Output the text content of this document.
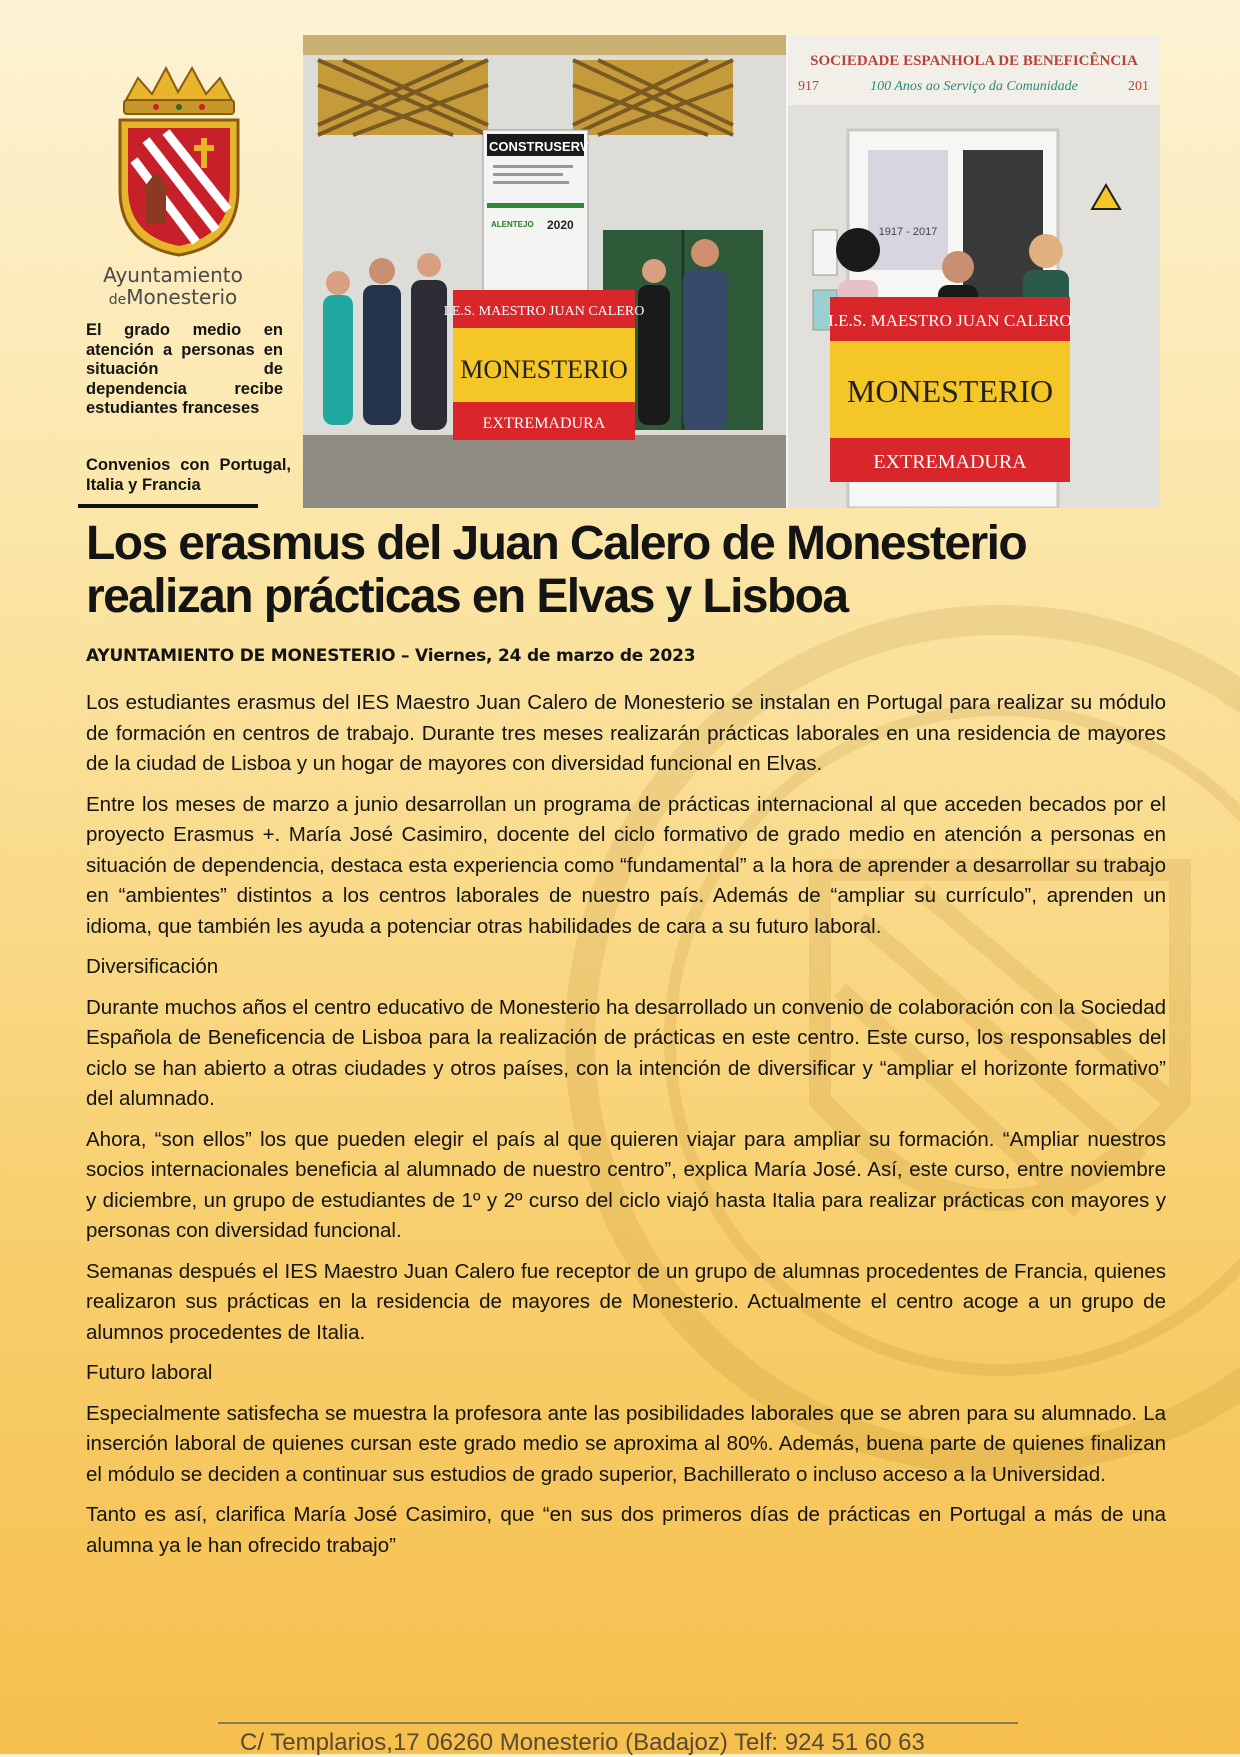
Ayuntamiento
deMonesterio

El grado medio en atención a personas en situación de dependencia recibe estudiantes franceses

Convenios con Portugal, Italia y Francia

CONSTRUSERV
ALENTEJO 2020
I.E.S. MAESTRO JUAN CALERO
MONESTERIO
EXTREMADURA
SOCIEDADE ESPANHOLA DE BENEFICÊNCIA
917	100 Anos ao Serviço da Comunidade	201
1917 - 2017
I.E.S. MAESTRO JUAN CALERO
MONESTERIO
EXTREMADURA
Los erasmus del Juan Calero de Monesterio realizan prácticas en Elvas y Lisboa
AYUNTAMIENTO DE MONESTERIO – Viernes, 24 de marzo de 2023

Los estudiantes erasmus del IES Maestro Juan Calero de Monesterio se instalan en Portugal para realizar su módulo de formación en centros de trabajo. Durante tres meses realizarán prácticas laborales en una residencia de mayores de la ciudad de Lisboa y un hogar de mayores con diversidad funcional en Elvas.

Entre los meses de marzo a junio desarrollan un programa de prácticas internacional al que acceden becados por el proyecto Erasmus +. María José Casimiro, docente del ciclo formativo de grado medio en atención a personas en situación de dependencia, destaca esta experiencia como “fundamental” a la hora de aprender a desarrollar su trabajo en “ambientes” distintos a los centros laborales de nuestro país. Además de “ampliar su currículo”, aprenden un idioma, que también les ayuda a potenciar otras habilidades de cara a su futuro laboral.

Diversificación

Durante muchos años el centro educativo de Monesterio ha desarrollado un convenio de colaboración con la Sociedad Española de Beneficencia de Lisboa para la realización de prácticas en este centro. Este curso, los responsables del ciclo se han abierto a otras ciudades y otros países, con la intención de diversificar y “ampliar el horizonte formativo” del alumnado.

Ahora, “son ellos” los que pueden elegir el país al que quieren viajar para ampliar su formación. “Ampliar nuestros socios internacionales beneficia al alumnado de nuestro centro”, explica María José. Así, este curso, entre noviembre y diciembre, un grupo de estudiantes de 1º y 2º curso del ciclo viajó hasta Italia para realizar prácticas con mayores y personas con diversidad funcional.

Semanas después el IES Maestro Juan Calero fue receptor de un grupo de alumnas procedentes de Francia, quienes realizaron sus prácticas en la residencia de mayores de Monesterio. Actualmente el centro acoge a un grupo de alumnos procedentes de Italia.

Futuro laboral

Especialmente satisfecha se muestra la profesora ante las posibilidades laborales que se abren para su alumnado. La inserción laboral de quienes cursan este grado medio se aproxima al 80%. Además, buena parte de quienes finalizan el módulo se deciden a continuar sus estudios de grado superior, Bachillerato o incluso acceso a la Universidad.

Tanto es así, clarifica María José Casimiro, que “en sus dos primeros días de prácticas en Portugal a más de una alumna ya le han ofrecido trabajo”

C/ Templarios,17 06260 Monesterio (Badajoz) Telf: 924 51 60 63
